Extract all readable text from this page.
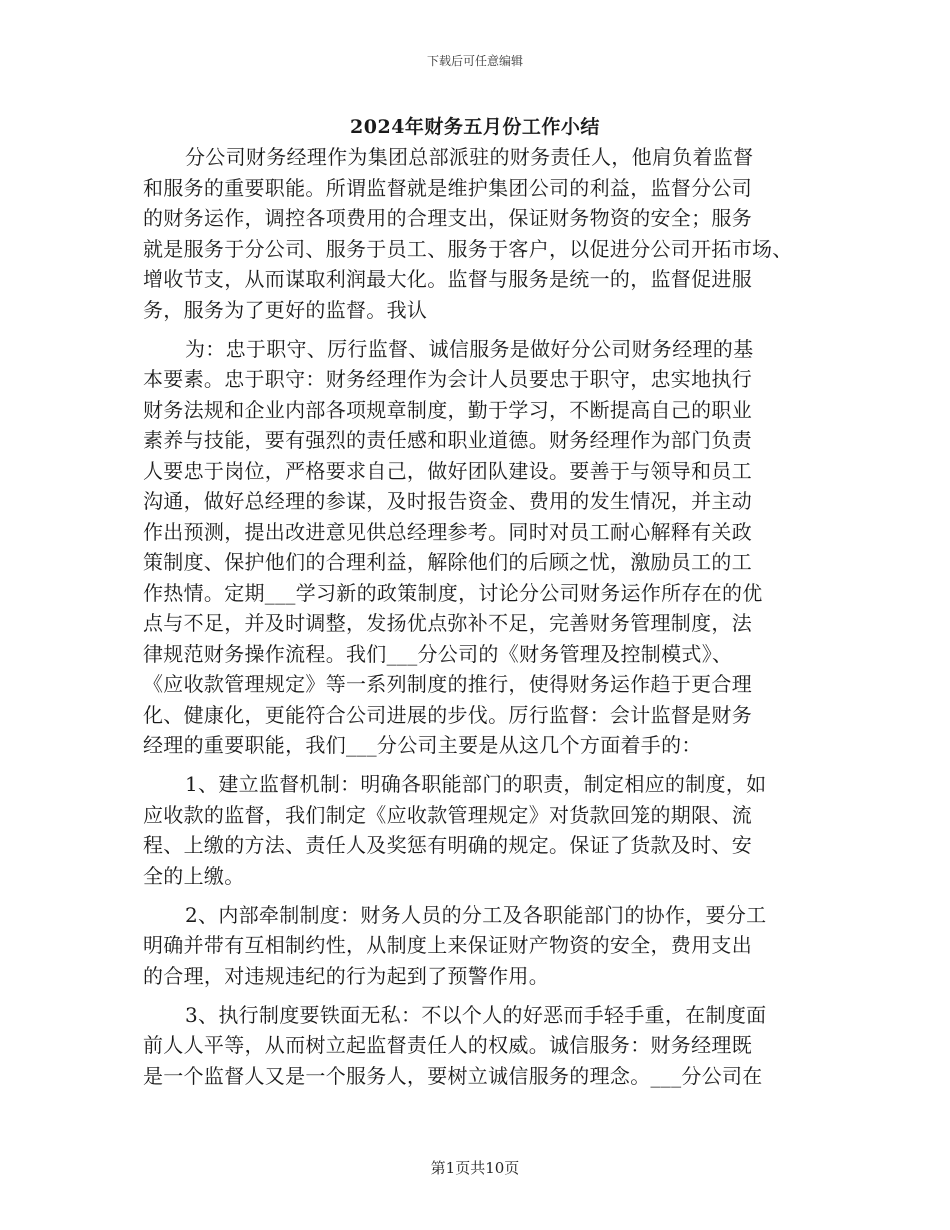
下载后可任意编辑
2024年财务五月份工作小结
分公司财务经理作为集团总部派驻的财务责任人，他肩负着监督
和服务的重要职能。所谓监督就是维护集团公司的利益，监督分公司
的财务运作，调控各项费用的合理支出，保证财务物资的安全；服务
就是服务于分公司、服务于员工、服务于客户，以促进分公司开拓市场、
增收节支，从而谋取利润最大化。监督与服务是统一的，监督促进服
务，服务为了更好的监督。我认
为：忠于职守、厉行监督、诚信服务是做好分公司财务经理的基
本要素。忠于职守：财务经理作为会计人员要忠于职守，忠实地执行
财务法规和企业内部各项规章制度，勤于学习，不断提高自己的职业
素养与技能，要有强烈的责任感和职业道德。财务经理作为部门负责
人要忠于岗位，严格要求自己，做好团队建设。要善于与领导和员工
沟通，做好总经理的参谋，及时报告资金、费用的发生情况，并主动
作出预测，提出改进意见供总经理参考。同时对员工耐心解释有关政
策制度、保护他们的合理利益，解除他们的后顾之忧，激励员工的工
作热情。定期___学习新的政策制度，讨论分公司财务运作所存在的优
点与不足，并及时调整，发扬优点弥补不足，完善财务管理制度，法
律规范财务操作流程。我们___分公司的《财务管理及控制模式》、
《应收款管理规定》等一系列制度的推行，使得财务运作趋于更合理
化、健康化，更能符合公司进展的步伐。厉行监督：会计监督是财务
经理的重要职能，我们___分公司主要是从这几个方面着手的：
1、建立监督机制：明确各职能部门的职责，制定相应的制度，如
应收款的监督，我们制定《应收款管理规定》对货款回笼的期限、流
程、上缴的方法、责任人及奖惩有明确的规定。保证了货款及时、安
全的上缴。
2、内部牵制制度：财务人员的分工及各职能部门的协作，要分工
明确并带有互相制约性，从制度上来保证财产物资的安全，费用支出
的合理，对违规违纪的行为起到了预警作用。
3、执行制度要铁面无私：不以个人的好恶而手轻手重，在制度面
前人人平等，从而树立起监督责任人的权威。诚信服务：财务经理既
是一个监督人又是一个服务人，要树立诚信服务的理念。___分公司在
第1页共10页
